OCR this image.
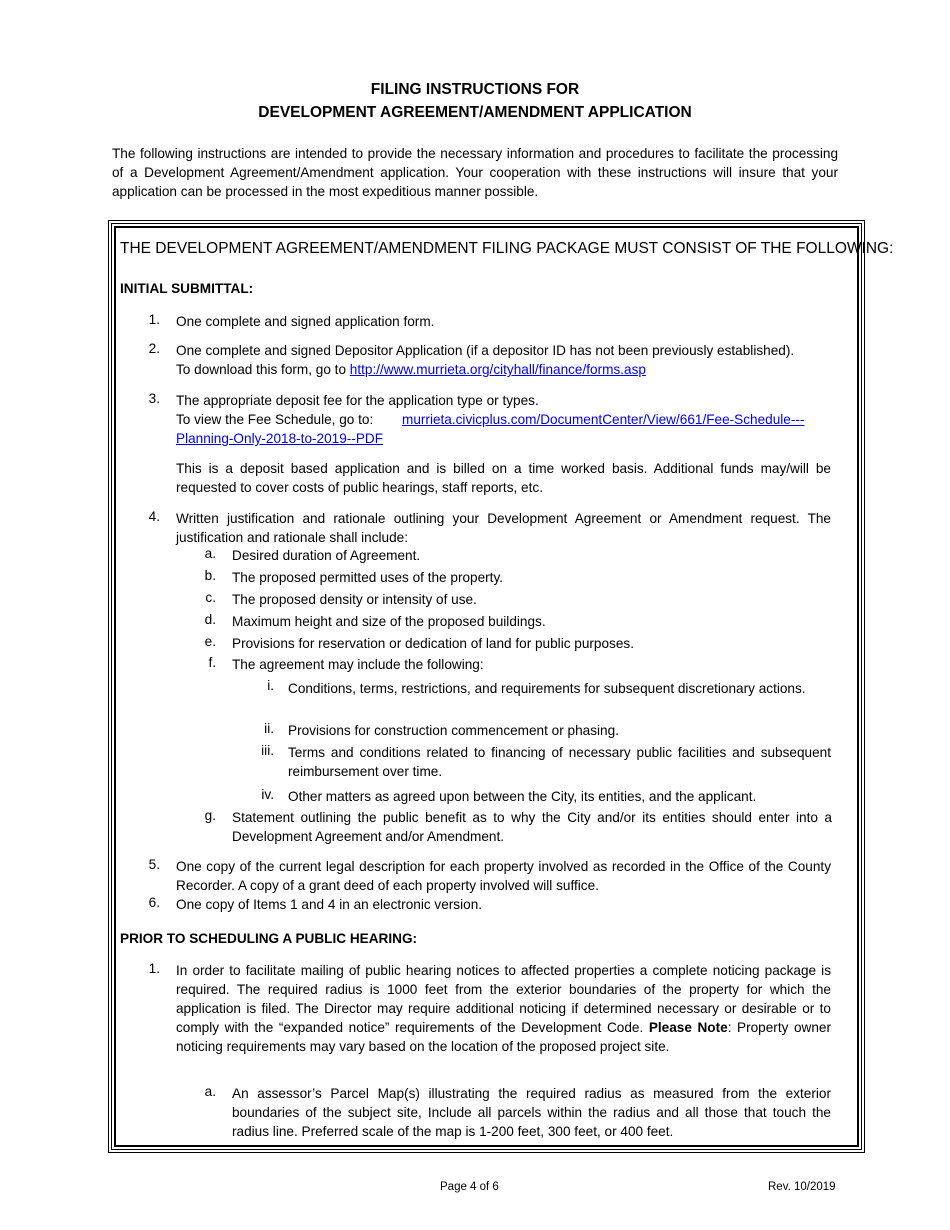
FILING INSTRUCTIONS FOR
DEVELOPMENT AGREEMENT/AMENDMENT APPLICATION
The following instructions are intended to provide the necessary information and procedures to facilitate the processing of a Development Agreement/Amendment application. Your cooperation with these instructions will insure that your application can be processed in the most expeditious manner possible.
THE DEVELOPMENT AGREEMENT/AMENDMENT FILING PACKAGE MUST CONSIST OF THE FOLLOWING:
INITIAL SUBMITTAL:
1. One complete and signed application form.
2. One complete and signed Depositor Application (if a depositor ID has not been previously established).
To download this form, go to http://www.murrieta.org/cityhall/finance/forms.asp
3. The appropriate deposit fee for the application type or types.
To view the Fee Schedule, go to:	murrieta.civicplus.com/DocumentCenter/View/661/Fee-Schedule---
Planning-Only-2018-to-2019--PDF
This is a deposit based application and is billed on a time worked basis. Additional funds may/will be requested to cover costs of public hearings, staff reports, etc.
4. Written justification and rationale outlining your Development Agreement or Amendment request. The justification and rationale shall include:
a. Desired duration of Agreement.
b. The proposed permitted uses of the property.
c. The proposed density or intensity of use.
d. Maximum height and size of the proposed buildings.
e. Provisions for reservation or dedication of land for public purposes.
f. The agreement may include the following:
i. Conditions, terms, restrictions, and requirements for subsequent discretionary actions.
ii. Provisions for construction commencement or phasing.
iii. Terms and conditions related to financing of necessary public facilities and subsequent reimbursement over time.
iv. Other matters as agreed upon between the City, its entities, and the applicant.
g. Statement outlining the public benefit as to why the City and/or its entities should enter into a Development Agreement and/or Amendment.
5. One copy of the current legal description for each property involved as recorded in the Office of the County Recorder. A copy of a grant deed of each property involved will suffice.
6. One copy of Items 1 and 4 in an electronic version.
PRIOR TO SCHEDULING A PUBLIC HEARING:
1. In order to facilitate mailing of public hearing notices to affected properties a complete noticing package is required. The required radius is 1000 feet from the exterior boundaries of the property for which the application is filed. The Director may require additional noticing if determined necessary or desirable or to comply with the “expanded notice” requirements of the Development Code. Please Note: Property owner noticing requirements may vary based on the location of the proposed project site.
a. An assessor’s Parcel Map(s) illustrating the required radius as measured from the exterior boundaries of the subject site, Include all parcels within the radius and all those that touch the radius line. Preferred scale of the map is 1-200 feet, 300 feet, or 400 feet.
Page 4 of 6	Rev. 10/2019
